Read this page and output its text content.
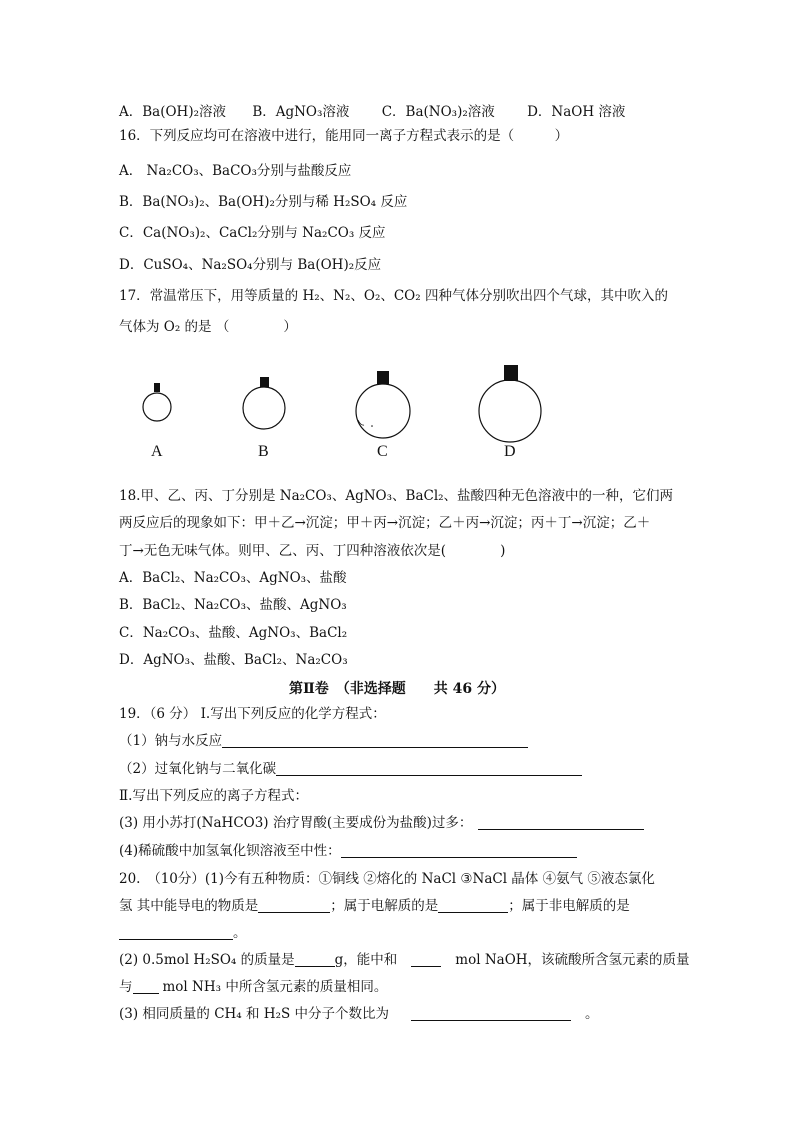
A．Ba(OH)₂溶液 B．AgNO₃溶液 C．Ba(NO₃)₂溶液 D．NaOH 溶液
16．下列反应均可在溶液中进行，能用同一离子方程式表示的是（　　　）
A． Na₂CO₃、BaCO₃分别与盐酸反应
B．Ba(NO₃)₂、Ba(OH)₂分别与稀 H₂SO₄ 反应
C．Ca(NO₃)₂、CaCl₂分别与 Na₂CO₃ 反应
D．CuSO₄、Na₂SO₄分别与 Ba(OH)₂反应
17．常温常压下，用等质量的 H₂、N₂、O₂、CO₂ 四种气体分别吹出四个气球，其中吹入的
气体为 O₂ 的是 （　　　　）
A	B	C	D
18.甲、乙、丙、丁分别是 Na₂CO₃、AgNO₃、BaCl₂、盐酸四种无色溶液中的一种，它们两
两反应后的现象如下：甲＋乙→沉淀；甲＋丙→沉淀；乙＋丙→沉淀；丙＋丁→沉淀；乙＋
丁→无色无味气体。则甲、乙、丙、丁四种溶液依次是(　　　　)
A．BaCl₂、Na₂CO₃、AgNO₃、盐酸
B．BaCl₂、Na₂CO₃、盐酸、AgNO₃
C．Na₂CO₃、盐酸、AgNO₃、BaCl₂
D．AgNO₃、盐酸、BaCl₂、Na₂CO₃
第Ⅱ卷　（非选择题　　共 46 分）
19．（6 分） Ⅰ.写出下列反应的化学方程式：
（1）钠与水反应
（2）过氧化钠与二氧化碳
Ⅱ.写出下列反应的离子方程式：
(3) 用小苏打(NaHCO3) 治疗胃酸(主要成份为盐酸)过多：
(4)稀硫酸中加氢氧化钡溶液至中性：
20.　（10分）(1)今有五种物质：①铜线 ②熔化的 NaCl ③NaCl 晶体 ④氨气 ⑤液态氯化
氢 其中能导电的物质是	；属于电解质的是	；属于非电解质的是
。
(2) 0.5mol H₂SO₄ 的质量是	g，能中和	mol NaOH，该硫酸所含氢元素的质量
与 mol NH₃ 中所含氢元素的质量相同。
(3) 相同质量的 CH₄ 和 H₂S 中分子个数比为	。
